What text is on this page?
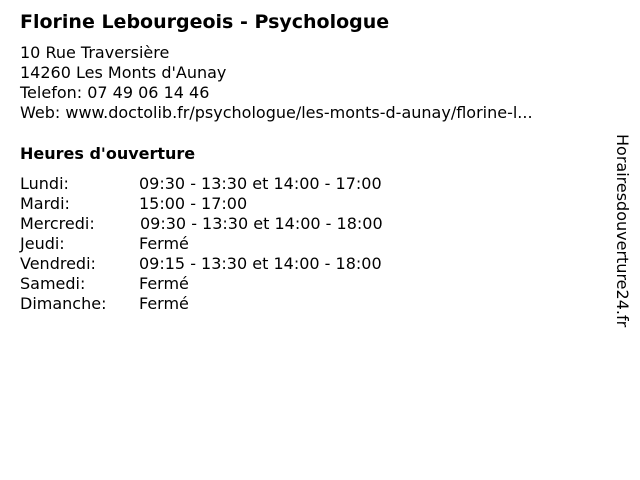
Florine Lebourgeois - Psychologue
10 Rue Traversière
14260 Les Monts d'Aunay
Telefon: 07 49 06 14 46
Web: www.doctolib.fr/psychologue/les-monts-d-aunay/florine-l...
Heures d'ouverture
Lundi:	09:30 - 13:30 et 14:00 - 17:00
Mardi:	15:00 - 17:00
Mercredi:	09:30 - 13:30 et 14:00 - 18:00
Jeudi:	Fermé
Vendredi:	09:15 - 13:30 et 14:00 - 18:00
Samedi:	Fermé
Dimanche: Fermé	Horairesdouverture24.fr
